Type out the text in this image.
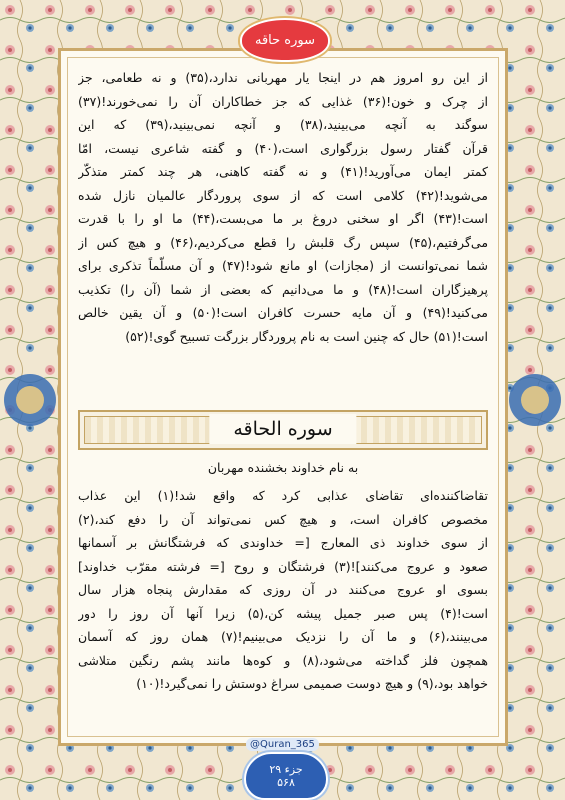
سوره حاقه
از این رو امروز هم در اینجا یار مهربانی ندارد،(۳۵) و نه طعامی، جز
از چرک و خون!(۳۶) غذایی که جز خطاکاران آن را نمی‌خورند!(۳۷)
سوگند به آنچه می‌بینید،(۳۸) و آنچه نمی‌بینید،(۳۹) که این
قرآن گفتار رسول بزرگواری است،(۴۰) و گفته شاعری نیست، امّا
کمتر ایمان می‌آورید!(۴۱) و نه گفته کاهنی، هر چند کمتر متذکّر
می‌شوید!(۴۲) کلامی است که از سوی پروردگار عالمیان نازل شده
است!(۴۳) اگر او سخنی دروغ بر ما می‌بست،(۴۴) ما او را با قدرت
می‌گرفتیم،(۴۵) سپس رگ قلبش را قطع می‌کردیم،(۴۶) و هیچ کس از
شما نمی‌توانست از (مجازات) او مانع شود!(۴۷) و آن مسلّماً تذکری برای
پرهیزگاران است!(۴۸) و ما می‌دانیم که بعضی از شما (آن را) تکذیب
می‌کنید!(۴۹) و آن مایه حسرت کافران است!(۵۰) و آن یقین خالص
است!(۵۱) حال که چنین است به نام پروردگار بزرگت تسبیح گوی!(۵۲)
سوره الحاقه
به نام خداوند بخشنده مهربان
تقاضاکننده‌ای تقاضای عذابی کرد که واقع شد!(۱) این عذاب
مخصوص کافران است، و هیچ کس نمی‌تواند آن را دفع کند،(۲)
از سوی خداوند ذی المعارج [= خداوندی که فرشتگانش بر آسمانها
صعود و عروج می‌کنند]!(۳) فرشتگان و روح [= فرشته مقرّب خداوند]
بسوی او عروج می‌کنند در آن روزی که مقدارش پنجاه هزار سال
است!(۴) پس صبر جمیل پیشه کن،(۵) زیرا آنها آن روز را دور
می‌بینند،(۶) و ما آن را نزدیک می‌بینیم!(۷) همان روز که آسمان
همچون فلز گداخته می‌شود،(۸) و کوه‌ها مانند پشم رنگین متلاشی
خواهد بود،(۹) و هیچ دوست صمیمی سراغ دوستش را نمی‌گیرد!(۱۰)
@Quran_365
جزء ۲۹
۵۶۸
